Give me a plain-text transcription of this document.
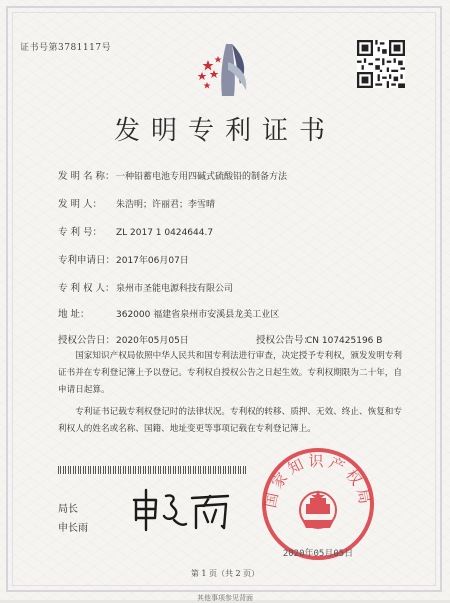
证书号第3781117号
发明专利证书
发 明 名 称：一种铅蓄电池专用四碱式硫酸铅的制备方法
发 明 人： 朱浩明；许丽君；李雪晴
专 利 号： ZL 2017 1 0424644.7
专利申请日：2017年06月07日
专 利 权 人：泉州市圣能电源科技有限公司
地 址：	362000 福建省泉州市安溪县龙美工业区
授权公告日：2020年05月05日	授权公告号：CN 107425196 B
国家知识产权局依照中华人民共和国专利法进行审查，决定授予专利权，颁发发明专利证书并在专利登记簿上予以登记。专利权自授权公告之日起生效。专利权期限为二十年，自申请日起算。
专利证书记载专利权登记时的法律状况。专利权的转移、质押、无效、终止、恢复和专利权人的姓名或名称、国籍、地址变更等事项记载在专利登记簿上。
局长
申长雨
国家知识产权局
2020年05月05日
第 1 页（共 2 页）
其他事项参见背面
